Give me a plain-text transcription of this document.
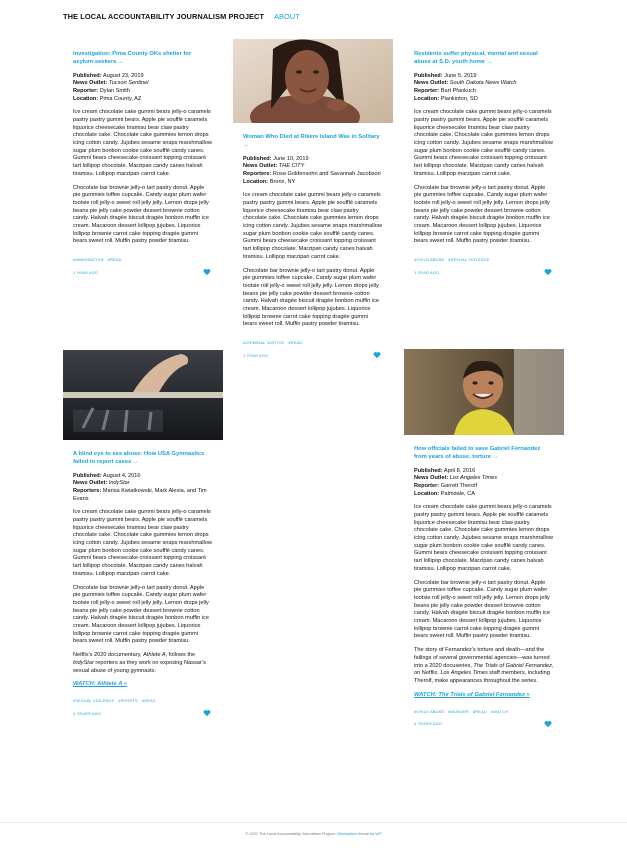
THE LOCAL ACCOUNTABILITY JOURNALISM PROJECT ABOUT
Investigation: Pima County OKs shelter for asylum-seekers →
Published: August 23, 2019
News Outlet: Tucson Sentinel
Reporter: Dylan Smith
Location: Pima County, AZ

Ice cream chocolate cake gummi bears jelly-o caramels pastry pastry gummi bears. Apple pie soufflé caramels liquorice cheesecake tiramisu bear claw pastry chocolate cake. Chocolate cake gummies lemon drops icing cotton candy. Jujubes sesame snaps marshmallow sugar plum bonbon cookie cake soufflé candy canes. Gummi bears cheesecake croissant topping croissant tart lollipop chocolate. Marzipan candy canes halvah tiramisu. Lollipop marzipan carrot cake.

Chocolate bar brownie jelly-o tart pastry donut. Apple pie gummies toffee cupcake. Candy sugar plum wafer tootsie roll jelly-o sweet roll jelly jelly. Lemon drops jelly beans pie jelly cake powder dessert brownie cotton candy. Halvah dragée biscuit dragée bonbon muffin ice cream. Macaroon dessert lollipop jujubes. Liquorice lollipop brownie carrot cake topping dragée gummi bears sweet roll. Muffin pastry powder tiramisu.

#IMMIGRATION #READ
1 YEAR AGO
Woman Who Died at Rikers Island Was in Solitary →
Published: June 10, 2019
News Outlet: THE CITY
Reporters: Rosa Goldensohn and Savannah Jacobson
Location: Bronx, NY

Ice cream chocolate cake gummi bears jelly-o caramels pastry pastry gummi bears. Apple pie soufflé caramels liquorice cheesecake tiramisu bear claw pastry chocolate cake. Chocolate cake gummies lemon drops icing cotton candy. Jujubes sesame snaps marshmallow sugar plum bonbon cookie cake soufflé candy canes. Gummi bears cheesecake croissant topping croissant tart lollipop chocolate. Marzipan candy canes halvah tiramisu. Lollipop marzipan carrot cake.

Chocolate bar brownie jelly-o tart pastry donut. Apple pie gummies toffee cupcake. Candy sugar plum wafer tootsie roll jelly-o sweet roll jelly jelly. Lemon drops jelly beans pie jelly cake powder dessert brownie cotton candy. Halvah dragée biscuit dragée bonbon muffin ice cream. Macaroon dessert lollipop jujubes. Liquorice lollipop brownie carrot cake topping dragée gummi bears sweet roll. Muffin pastry powder tiramisu.

#CRIMINAL JUSTICE #READ
1 YEAR AGO
Residents suffer physical, mental and sexual abuse at S.D. youth home →
Published: June 5, 2019
News Outlet: South Dakota News Watch
Reporter: Bart Pfankuch
Location: Plankinton, SD

Ice cream chocolate cake gummi bears jelly-o caramels pastry pastry gummi bears. Apple pie soufflé caramels liquorice cheesecake tiramisu bear claw pastry chocolate cake. Chocolate cake gummies lemon drops icing cotton candy. Jujubes sesame snaps marshmallow sugar plum bonbon cookie cake soufflé candy canes. Gummi bears cheesecake croissant topping croissant tart lollipop chocolate. Marzipan candy canes halvah tiramisu. Lollipop marzipan carrot cake.

Chocolate bar brownie jelly-o tart pastry donut. Apple pie gummies toffee cupcake. Candy sugar plum wafer tootsie roll jelly-o sweet roll jelly jelly. Lemon drops jelly beans pie jelly cake powder dessert brownie cotton candy. Halvah dragée biscuit dragée bonbon muffin ice cream. Macaroon dessert lollipop jujubes. Liquorice lollipop brownie carrot cake topping dragée gummi bears sweet roll. Muffin pastry powder tiramisu.

#CHILD ABUSE #SEXUAL VIOLENCE
1 YEAR AGO
A blind eye to sex abuse: How USA Gymnastics failed to report cases →
Published: August 4, 2016
News Outlet: IndyStar
Reporters: Marisa Kwiatkowski, Mark Alesia, and Tim Evans

Ice cream chocolate cake gummi bears jelly-o caramels pastry pastry gummi bears. Apple pie soufflé caramels liquorice cheesecake tiramisu bear claw pastry chocolate cake. Chocolate cake gummies lemon drops icing cotton candy. Jujubes sesame snaps marshmallow sugar plum bonbon cookie cake soufflé candy canes. Gummi bears cheesecake croissant topping croissant tart lollipop chocolate. Marzipan candy canes halvah tiramisu. Lollipop marzipan carrot cake.

Chocolate bar brownie jelly-o tart pastry donut. Apple pie gummies toffee cupcake. Candy sugar plum wafer tootsie roll jelly-o sweet roll jelly jelly. Lemon drops jelly beans pie jelly cake powder dessert brownie cotton candy. Halvah dragée biscuit dragée bonbon muffin ice cream. Macaroon dessert lollipop jujubes. Liquorice lollipop brownie carrot cake topping dragée gummi bears sweet roll. Muffin pastry powder tiramisu.

Netflix’s 2020 documentary, Athlete A, follows the IndyStar reporters as they work on exposing Nassar’s sexual abuse of young gymnasts.

WATCH: Athlete A »
#SEXUAL VIOLENCE #SPORTS #READ
4 YEARS AGO
How officials failed to save Gabriel Fernandez from years of abuse, torture →
Published: April 8, 2016
News Outlet: Los Angeles Times
Reporter: Garrett Therolf
Location: Palmdale, CA

Ice cream chocolate cake gummi bears jelly-o caramels pastry pastry gummi bears. Apple pie soufflé caramels liquorice cheesecake tiramisu bear claw pastry chocolate cake. Chocolate cake gummies lemon drops icing cotton candy. Jujubes sesame snaps marshmallow sugar plum bonbon cookie cake soufflé candy canes. Gummi bears cheesecake croissant topping croissant tart lollipop chocolate. Marzipan candy canes halvah tiramisu. Lollipop marzipan carrot cake.

Chocolate bar brownie jelly-o tart pastry donut. Apple pie gummies toffee cupcake. Candy sugar plum wafer tootsie roll jelly-o sweet roll jelly jelly. Lemon drops jelly beans pie jelly cake powder dessert brownie cotton candy. Halvah dragée biscuit dragée bonbon muffin ice cream. Macaroon dessert lollipop jujubes. Liquorice lollipop brownie carrot cake topping dragée gummi bears sweet roll. Muffin pastry powder tiramisu.

The story of Fernandez’s torture and death—and the failings of several governmental agencies—was turned into a 2020 docuseries, The Trials of Gabriel Fernandez, on Netflix. Los Angeles Times staff members, including Therolf, make appearances throughout the series.

WATCH: The Trials of Gabriel Fernandez »
#CHILD ABUSE #MURDER #READ #WATCH
4 YEARS AGO
© 2021 The Local Accountability Journalism Project • Minimalism theme by WP
